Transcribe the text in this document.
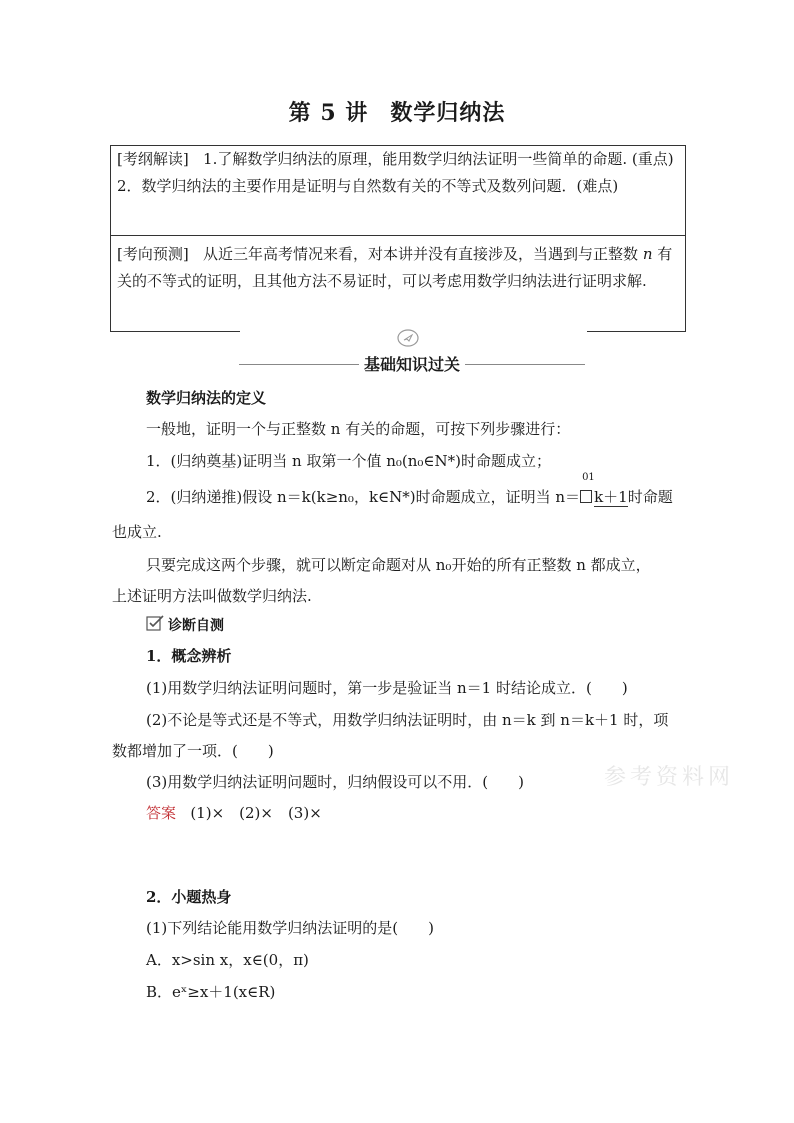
第 5 讲 数学归纳法
[考纲解读] 1.了解数学归纳法的原理，能用数学归纳法证明一些简单的命题. (重点)
2．数学归纳法的主要作用是证明与自然数有关的不等式及数列问题．(难点)
[考向预测] 从近三年高考情况来看，对本讲并没有直接涉及，当遇到与正整数 n 有关的不等式的证明，且其他方法不易证时，可以考虑用数学归纳法进行证明求解.
基础知识过关
数学归纳法的定义
一般地，证明一个与正整数 n 有关的命题，可按下列步骤进行：
1．(归纳奠基)证明当 n 取第一个值 n₀(n₀∈N*)时命题成立；
2．(归纳递推)假设 n＝k(k≥n₀，k∈N*)时命题成立，证明当 n＝
01
k＋1时命题
也成立.
只要完成这两个步骤，就可以断定命题对从 n₀开始的所有正整数 n 都成立，
上述证明方法叫做数学归纳法.
诊断自测
1．概念辨析
(1)用数学归纳法证明问题时，第一步是验证当 n＝1 时结论成立．(　　)
(2)不论是等式还是不等式，用数学归纳法证明时，由 n＝k 到 n＝k＋1 时，项
数都增加了一项．(　　)
(3)用数学归纳法证明问题时，归纳假设可以不用．(　　)
答案 (1)×　(2)×　(3)×
2．小题热身
(1)下列结论能用数学归纳法证明的是(　　)
A．x>sin x，x∈(0，π)
B．eˣ≥x＋1(x∈R)
参考资料网
